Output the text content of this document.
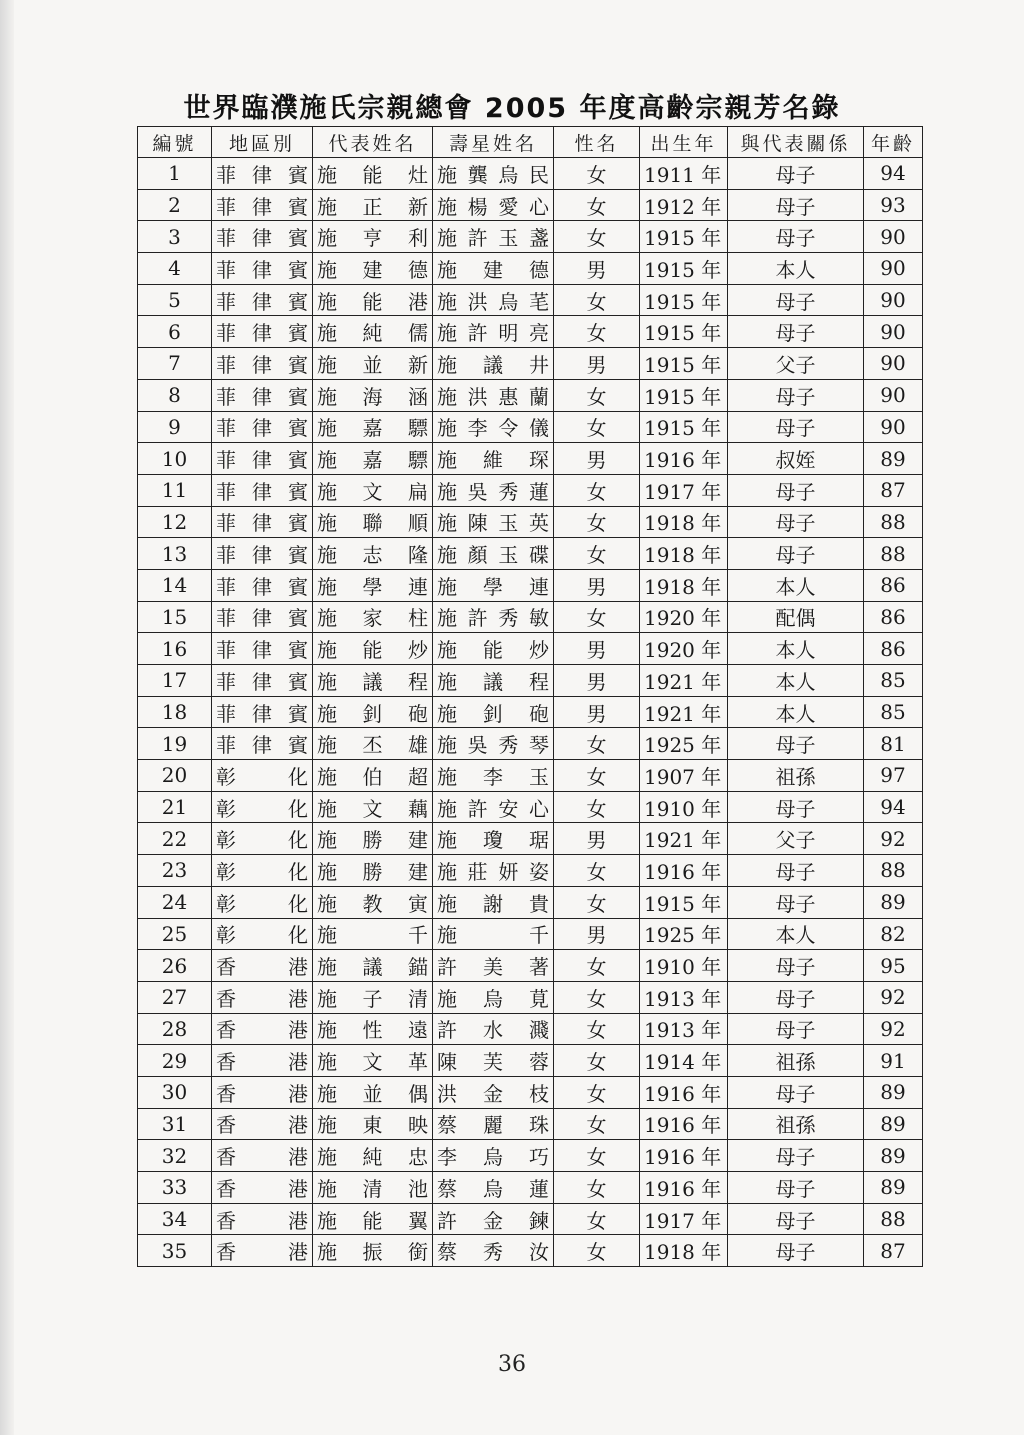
世界臨濮施氏宗親總會 2005 年度高齡宗親芳名錄
編號	地區別	代表姓名	壽星姓名	性名	出生年	與代表關係	年齡
1	菲律賓	施能灶	施龔烏民	女	1911 年	母子	94
2	菲律賓	施正新	施楊愛心	女	1912 年	母子	93
3	菲律賓	施亨利	施許玉盞	女	1915 年	母子	90
4	菲律賓	施建德	施建德	男	1915 年	本人	90
5	菲律賓	施能港	施洪烏芼	女	1915 年	母子	90
6	菲律賓	施純儒	施許明亮	女	1915 年	母子	90
7	菲律賓	施並新	施議井	男	1915 年	父子	90
8	菲律賓	施海涵	施洪惠蘭	女	1915 年	母子	90
9	菲律賓	施嘉驃	施李令儀	女	1915 年	母子	90
10	菲律賓	施嘉驃	施維琛	男	1916 年	叔姪	89
11	菲律賓	施文扁	施吳秀蓮	女	1917 年	母子	87
12	菲律賓	施聯順	施陳玉英	女	1918 年	母子	88
13	菲律賓	施志隆	施顏玉碟	女	1918 年	母子	88
14	菲律賓	施學連	施學連	男	1918 年	本人	86
15	菲律賓	施家柱	施許秀敏	女	1920 年	配偶	86
16	菲律賓	施能炒	施能炒	男	1920 年	本人	86
17	菲律賓	施議程	施議程	男	1921 年	本人	85
18	菲律賓	施釗砲	施釗砲	男	1921 年	本人	85
19	菲律賓	施丕雄	施吳秀琴	女	1925 年	母子	81
20	彰化	施伯超	施李玉	女	1907 年	祖孫	97
21	彰化	施文藕	施許安心	女	1910 年	母子	94
22	彰化	施勝建	施瓊琚	男	1921 年	父子	92
23	彰化	施勝建	施莊妍姿	女	1916 年	母子	88
24	彰化	施教寅	施謝貴	女	1915 年	母子	89
25	彰化	施千	施千	男	1925 年	本人	82
26	香港	施議錨	許美著	女	1910 年	母子	95
27	香港	施子清	施烏莧	女	1913 年	母子	92
28	香港	施性遠	許水濺	女	1913 年	母子	92
29	香港	施文革	陳芙蓉	女	1914 年	祖孫	91
30	香港	施並偶	洪金枝	女	1916 年	母子	89
31	香港	施東映	蔡麗珠	女	1916 年	祖孫	89
32	香港	施純忠	李烏巧	女	1916 年	母子	89
33	香港	施清池	蔡烏蓮	女	1916 年	母子	89
34	香港	施能翼	許金鍊	女	1917 年	母子	88
35	香港	施振銜	蔡秀汝	女	1918 年	母子	87
36
